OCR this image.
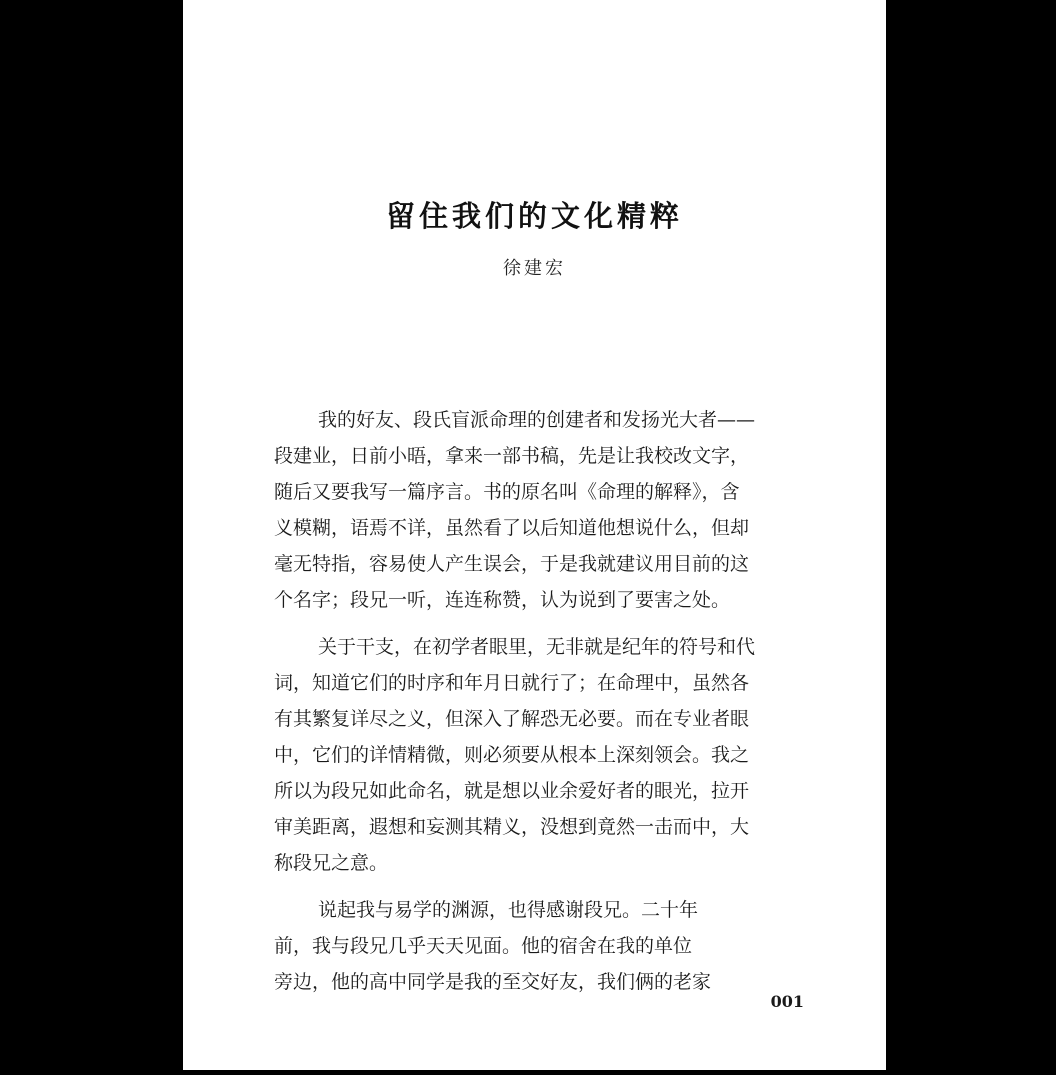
留住我们的文化精粹
徐建宏

我的好友、段氏盲派命理的创建者和发扬光大者——
段建业，日前小晤，拿来一部书稿，先是让我校改文字，
随后又要我写一篇序言。书的原名叫《命理的解释》，含
义模糊，语焉不详，虽然看了以后知道他想说什么，但却
毫无特指，容易使人产生误会，于是我就建议用目前的这
个名字；段兄一听，连连称赞，认为说到了要害之处。

关于干支，在初学者眼里，无非就是纪年的符号和代
词，知道它们的时序和年月日就行了；在命理中，虽然各
有其繁复详尽之义，但深入了解恐无必要。而在专业者眼
中，它们的详情精微，则必须要从根本上深刻领会。我之
所以为段兄如此命名，就是想以业余爱好者的眼光，拉开
审美距离，遐想和妄测其精义，没想到竟然一击而中，大
称段兄之意。

说起我与易学的渊源，也得感谢段兄。二十年
前，我与段兄几乎天天见面。他的宿舍在我的单位
旁边，他的高中同学是我的至交好友，我们俩的老家

001
